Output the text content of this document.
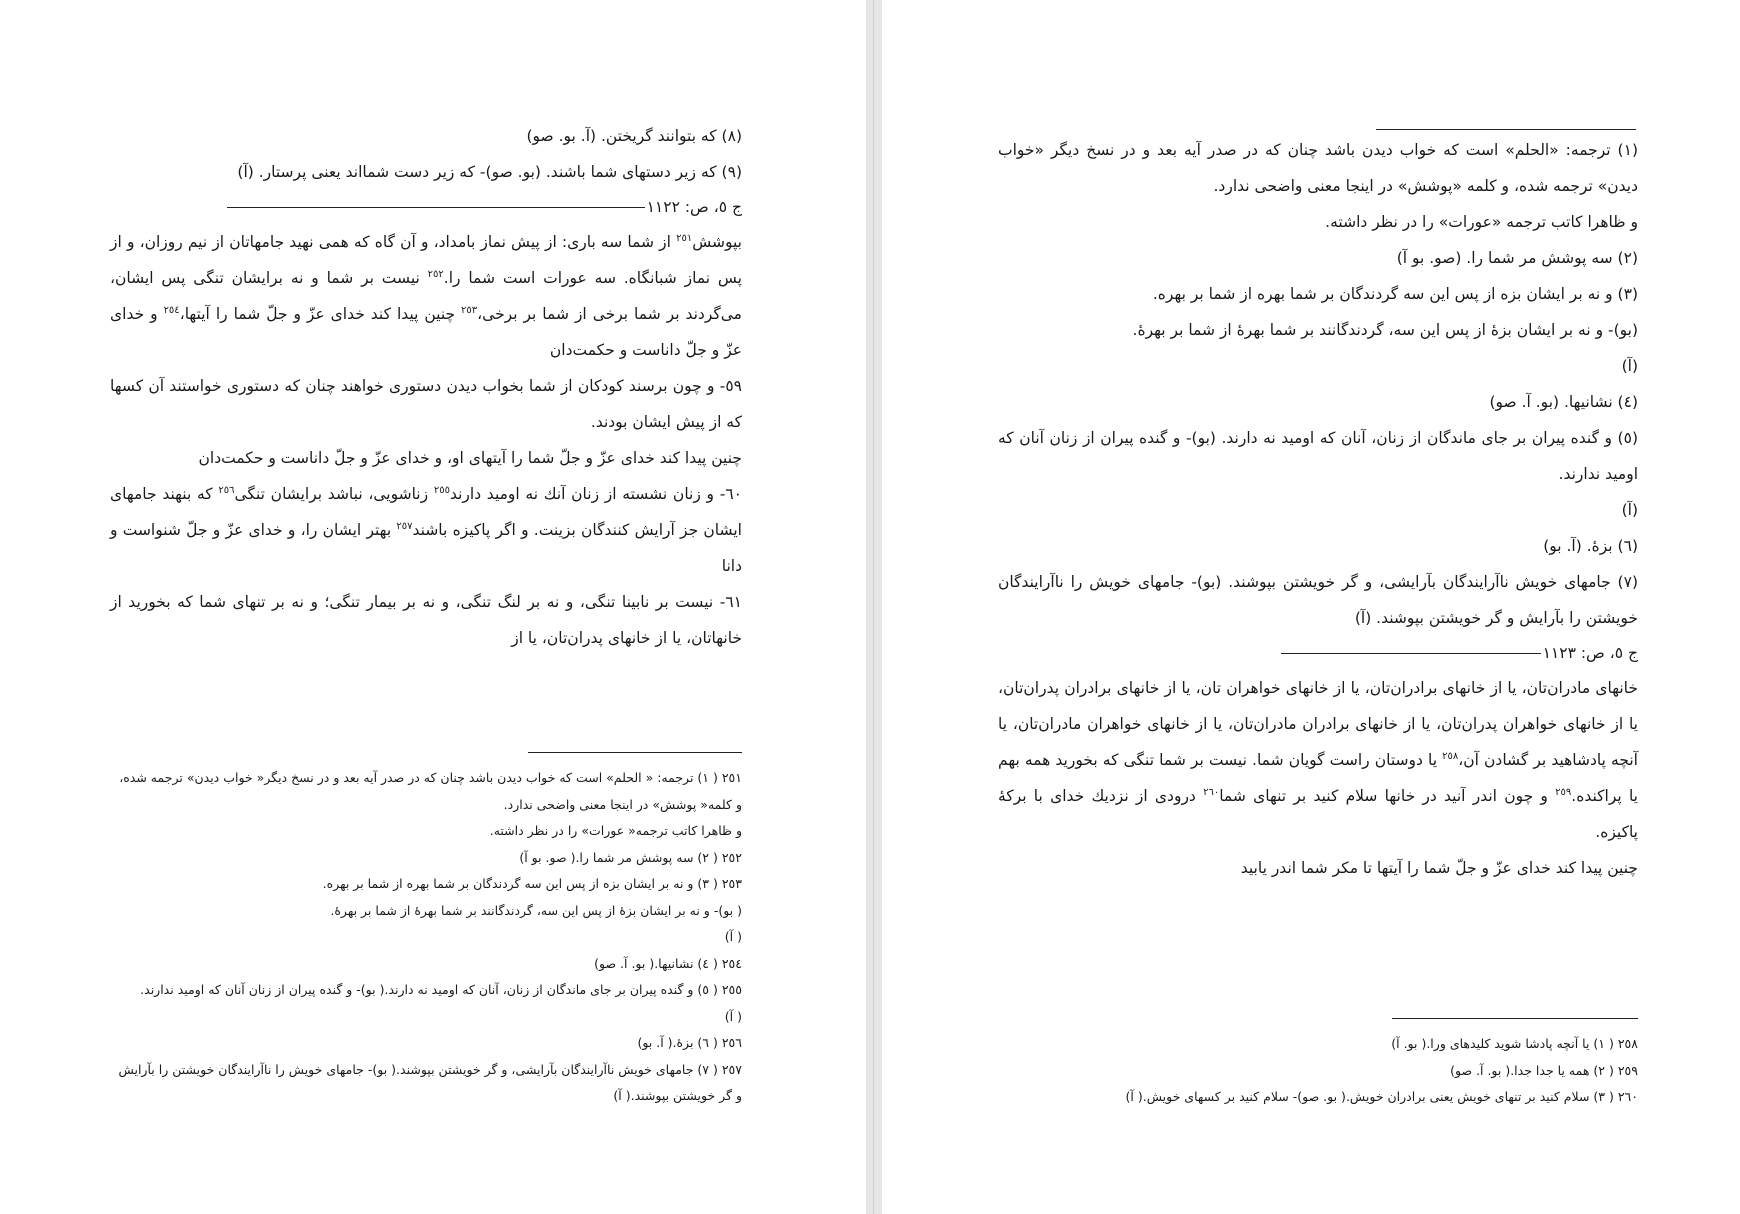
(٨) که بتوانند گریختن. (آ. بو. صو)

(٩) که زیر دستهای شما باشند. (بو. صو)- که زیر دست شمااند یعنی پرستار. (آ)

ج ٥، ص: ١١٢٢

بپوشش$^{٢٥١}$ از شما سه باری: از پیش نماز بامداد، و آن گاه که همی نهید جامهاتان از نیم روزان، و از پس نماز شبانگاه. سه عورات است شما را.$^{٢٥٢}$ نیست بر شما و نه برایشان تنگی پس ایشان، می‌گردند بر شما برخی از شما بر برخی،$^{٢٥٣}$ چنین پیدا کند خدای عزّ و جلّ شما را آیتها،$^{٢٥٤}$ و خدای عزّ و جلّ داناست و حکمت‌دان

٥٩- و چون برسند کودکان از شما بخواب دیدن دستوری خواهند چنان که دستوری خواستند آن کسها که از پیش ایشان بودند.

چنین پیدا کند خدای عزّ و جلّ شما را آیتهای او، و خدای عزّ و جلّ داناست و حکمت‌دان

٦٠- و زنان نشسته از زنان آنك نه اومید دارند$^{٢٥٥}$ زناشویی، نباشد برایشان تنگی$^{٢٥٦}$ که بنهند جامهای ایشان جز آرایش کنندگان بزینت. و اگر پاکیزه باشند$^{٢٥٧}$ بهتر ایشان را، و خدای عزّ و جلّ شنواست و دانا

٦١- نیست بر نابینا تنگی، و نه بر لنگ تنگی، و نه بر بیمار تنگی؛ و نه بر تنهای شما که بخورید از خانهاتان، یا از خانهای پدران‌تان، یا از

٢٥١ ( ١) ترجمه: « الحلم» است که خواب دیدن باشد چنان که در صدر آیه بعد و در نسخ دیگر« خواب دیدن» ترجمه شده، و کلمه« پوشش» در اینجا معنی واضحی ندارد.

و ظاهرا کاتب ترجمه« عورات» را در نظر داشته.

٢٥٢ ( ٢) سه پوشش مر شما را.( صو. بو آ)

٢٥٣ ( ٣) و نه بر ایشان بزه از پس این سه گردندگان بر شما بهره از شما بر بهره.

( بو)- و نه بر ایشان بزهٔ از پس این سه، گردندگانند بر شما بهرهٔ از شما بر بهرهٔ.

( آ)

٢٥٤ ( ٤) نشانیها.( بو. آ. صو)

٢٥٥ ( ٥) و گنده پیران بر جای ماندگان از زنان، آنان که اومید نه دارند.( بو)- و گنده پیران از زنان آنان که اومید ندارند.

( آ)

٢٥٦ ( ٦) بزهٔ.( آ. بو)

٢٥٧ ( ٧) جامهای خویش ناآرایندگان بآرایشی، و گر خویشتن بپوشند.( بو)- جامهای خویش را ناآرایندگان خویشتن را بآرایش و گر خویشتن بپوشند.( آ)

(١) ترجمه: «الحلم» است که خواب دیدن باشد چنان که در صدر آیه بعد و در نسخ دیگر «خواب دیدن» ترجمه شده، و کلمه «پوشش» در اینجا معنی واضحی ندارد.

و ظاهرا کاتب ترجمه «عورات» را در نظر داشته.

(٢) سه پوشش مر شما را. (صو. بو آ)

(٣) و نه بر ایشان بزه از پس این سه گردندگان بر شما بهره از شما بر بهره.

(بو)- و نه بر ایشان بزهٔ از پس این سه، گردندگانند بر شما بهرهٔ از شما بر بهرهٔ.

(آ)

(٤) نشانیها. (بو. آ. صو)

(٥) و گنده پیران بر جای ماندگان از زنان، آنان که اومید نه دارند. (بو)- و گنده پیران از زنان آنان که اومید ندارند.

(آ)

(٦) بزهٔ. (آ. بو)

(٧) جامهای خویش ناآرایندگان بآرایشی، و گر خویشتن بپوشند. (بو)- جامهای خویش را ناآرایندگان خویشتن را بآرایش و گر خویشتن بپوشند. (آ)

ج ٥، ص: ١١٢٣

خانهای مادران‌تان، یا از خانهای برادران‌تان، یا از خانهای خواهران تان، یا از خانهای برادران پدران‌تان، یا از خانهای خواهران پدران‌تان، یا از خانهای برادران مادران‌تان، یا از خانهای خواهران مادران‌تان، یا آنچه پادشاهید بر گشادن آن،$^{٢٥٨}$ یا دوستان راست گویان شما. نیست بر شما تنگی که بخورید همه بهم یا پراکنده.$^{٢٥٩}$ و چون اندر آنید در خانها سلام کنید بر تنهای شما$^{٢٦٠}$ درودی از نزدیك خدای با برکهٔ پاکیزه.

چنین پیدا کند خدای عزّ و جلّ شما را آیتها تا مکر شما اندر یابید

٢٥٨ ( ١) یا آنچه پادشا شوید کلیدهای ورا.( بو. آ)

٢٥٩ ( ٢) همه یا جدا جدا.( بو. آ. صو)

٢٦٠ ( ٣) سلام کنید بر تنهای خویش یعنی برادران خویش.( بو. صو)- سلام کنید بر کسهای خویش.( آ)
